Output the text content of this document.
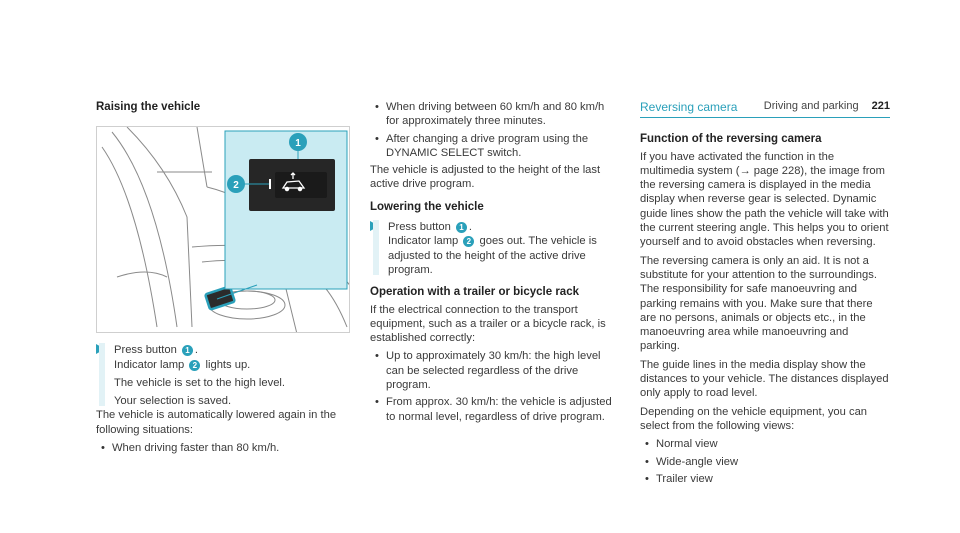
Driving and parking 221
Raising the vehicle
1
2

Press button 1 .
Indicator lamp 2 lights up.

The vehicle is set to the high level.

Your selection is saved.

The vehicle is automatically lowered again in the following situations:

• When driving faster than 80 km/h.
• When driving between 60 km/h and 80 km/h for approximately three minutes.
• After changing a drive program using the DYNAMIC SELECT switch.

The vehicle is adjusted to the height of the last active drive program.

Lowering the vehicle

Press button 1 .
Indicator lamp 2 goes out. The vehicle is adjusted to the height of the active drive program.

Operation with a trailer or bicycle rack

If the electrical connection to the transport equipment, such as a trailer or a bicycle rack, is established correctly:

• Up to approximately 30 km/h: the high level can be selected regardless of the drive program.
• From approx. 30 km/h: the vehicle is adjusted to normal level, regardless of drive program.
Reversing camera
Function of the reversing camera

If you have activated the function in the multimedia system (→ page 228), the image from the reversing camera is displayed in the media display when reverse gear is selected. Dynamic guide lines show the path the vehicle will take with the current steering angle. This helps you to orient yourself and to avoid obstacles when reversing.

The reversing camera is only an aid. It is not a substitute for your attention to the surroundings. The responsibility for safe manoeuvring and parking remains with you. Make sure that there are no persons, animals or objects etc., in the manoeuvring area while manoeuvring and parking.

The guide lines in the media display show the distances to your vehicle. The distances displayed only apply to road level.

Depending on the vehicle equipment, you can select from the following views:

• Normal view
• Wide-angle view
• Trailer view
